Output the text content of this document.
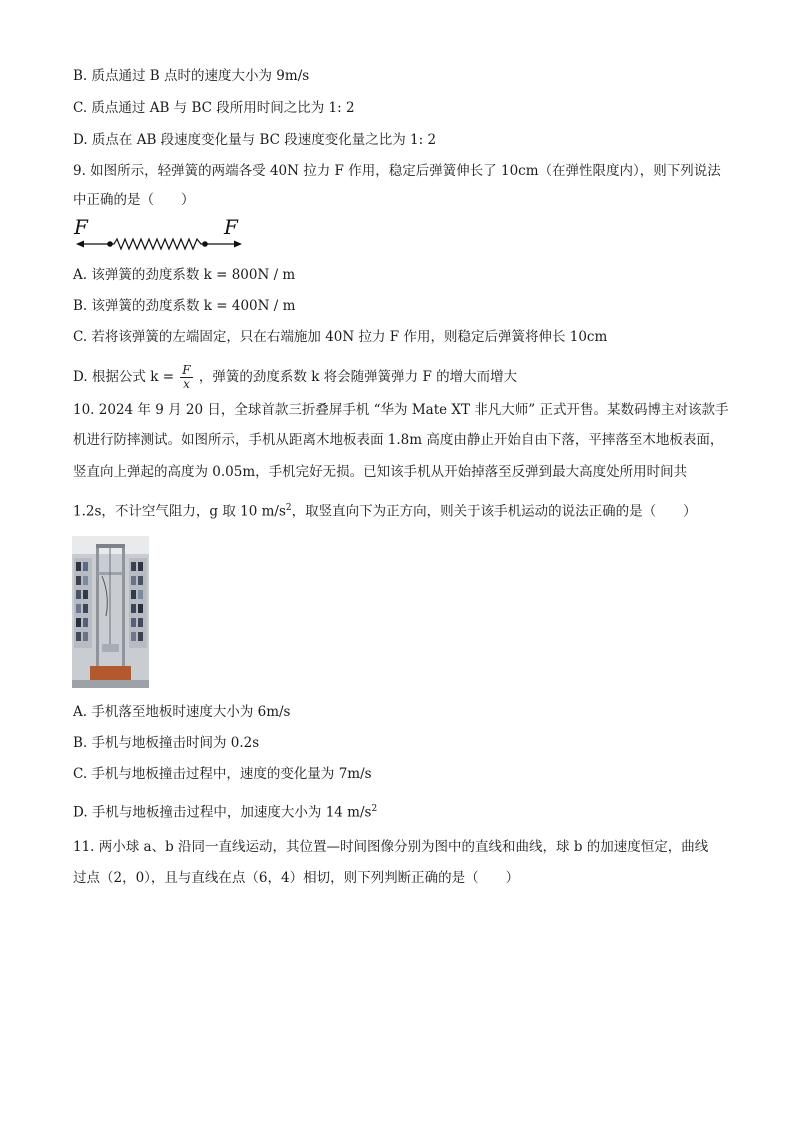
B. 质点通过 B 点时的速度大小为 9m/s
C. 质点通过 AB 与 BC 段所用时间之比为 1: 2
D. 质点在 AB 段速度变化量与 BC 段速度变化量之比为 1: 2
9. 如图所示，轻弹簧的两端各受 40N 拉力 F 作用，稳定后弹簧伸长了 10cm（在弹性限度内），则下列说法
中正确的是（　　）
F	F
A. 该弹簧的劲度系数 k = 800N / m
B. 该弹簧的劲度系数 k = 400N / m
C. 若将该弹簧的左端固定，只在右端施加 40N 拉力 F 作用，则稳定后弹簧将伸长 10cm
D. 根据公式 $k = \frac{F}{x}$ ，弹簧的劲度系数 k 将会随弹簧弹力 F 的增大而增大
10. 2024 年 9 月 20 日，全球首款三折叠屏手机 “华为 Mate XT 非凡大师” 正式开售。某数码博主对该款手
机进行防摔测试。如图所示，手机从距离木地板表面 1.8m 高度由静止开始自由下落，平摔落至木地板表面，
竖直向上弹起的高度为 0.05m，手机完好无损。已知该手机从开始掉落至反弹到最大高度处所用时间共
1.2s，不计空气阻力，g 取 10 $m/s^2$，取竖直向下为正方向，则关于该手机运动的说法正确的是（　　）
A. 手机落至地板时速度大小为 6m/s
B. 手机与地板撞击时间为 0.2s
C. 手机与地板撞击过程中，速度的变化量为 7m/s
D. 手机与地板撞击过程中，加速度大小为 14 $m/s^2$
11. 两小球 a、b 沿同一直线运动，其位置—时间图像分别为图中的直线和曲线，球 b 的加速度恒定，曲线
过点（2，0），且与直线在点（6，4）相切，则下列判断正确的是（　　）
